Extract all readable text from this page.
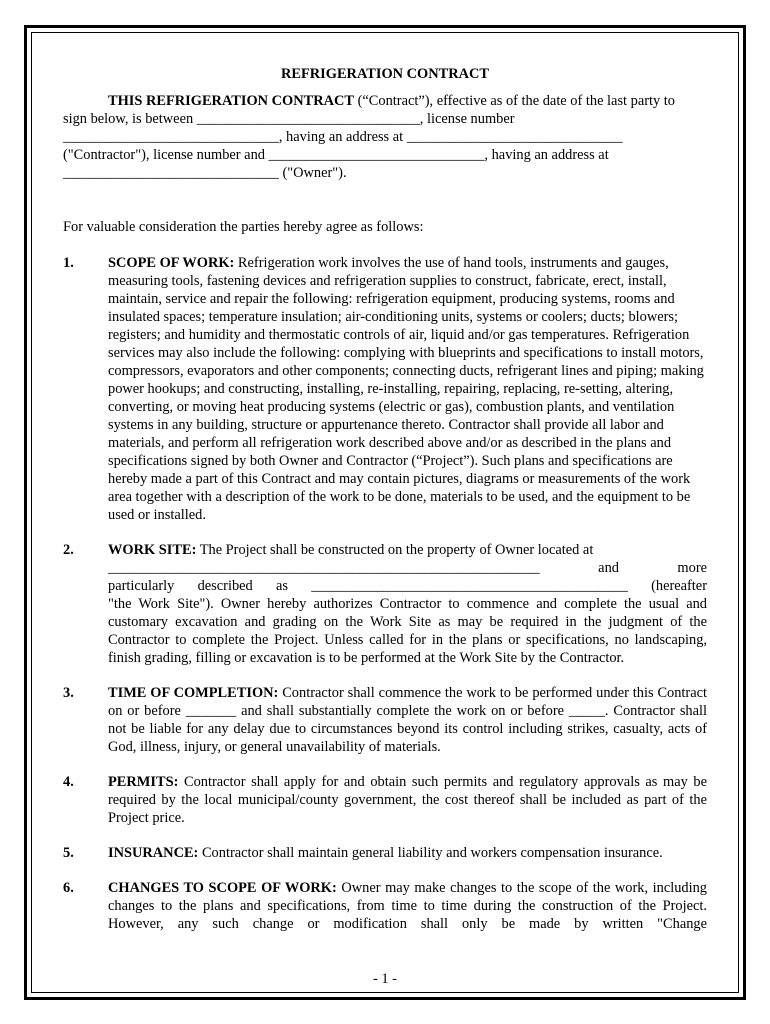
REFRIGERATION CONTRACT
THIS REFRIGERATION CONTRACT (“Contract”), effective as of the date of the last party to
sign below, is between _______________________________, license number
______________________________, having an address at ______________________________
("Contractor"), license number and ______________________________, having an address at
______________________________ ("Owner").
For valuable consideration the parties hereby agree as follows:
1. SCOPE OF WORK: Refrigeration work involves the use of hand tools, instruments and gauges, measuring tools, fastening devices and refrigeration supplies to construct, fabricate, erect, install, maintain, service and repair the following: refrigeration equipment, producing systems, rooms and insulated spaces; temperature insulation; air-conditioning units, systems or coolers; ducts; blowers; registers; and humidity and thermostatic controls of air, liquid and/or gas temperatures. Refrigeration services may also include the following: complying with blueprints and specifications to install motors, compressors, evaporators and other components; connecting ducts, refrigerant lines and piping; making power hookups; and constructing, installing, re-installing, repairing, replacing, re-setting, altering, converting, or moving heat producing systems (electric or gas), combustion plants, and ventilation systems in any building, structure or appurtenance thereto. Contractor shall provide all labor and materials, and perform all refrigeration work described above and/or as described in the plans and specifications signed by both Owner and Contractor (“Project”). Such plans and specifications are hereby made a part of this Contract and may contain pictures, diagrams or measurements of the work area together with a description of the work to be done, materials to be used, and the equipment to be used or installed.
2. WORK SITE: The Project shall be constructed on the property of Owner located at
____________________________________________________________ and more
particularly described as ____________________________________________ (hereafter
"the Work Site"). Owner hereby authorizes Contractor to commence and complete the usual and customary excavation and grading on the Work Site as may be required in the judgment of the Contractor to complete the Project. Unless called for in the plans or specifications, no landscaping, finish grading, filling or excavation is to be performed at the Work Site by the Contractor.
3. TIME OF COMPLETION: Contractor shall commence the work to be performed under this Contract on or before _______ and shall substantially complete the work on or before _____. Contractor shall not be liable for any delay due to circumstances beyond its control including strikes, casualty, acts of God, illness, injury, or general unavailability of materials.
4. PERMITS: Contractor shall apply for and obtain such permits and regulatory approvals as may be required by the local municipal/county government, the cost thereof shall be included as part of the Project price.
5. INSURANCE: Contractor shall maintain general liability and workers compensation insurance.
6. CHANGES TO SCOPE OF WORK: Owner may make changes to the scope of the work, including changes to the plans and specifications, from time to time during the construction of the Project. However, any such change or modification shall only be made by written "Change
- 1 -
